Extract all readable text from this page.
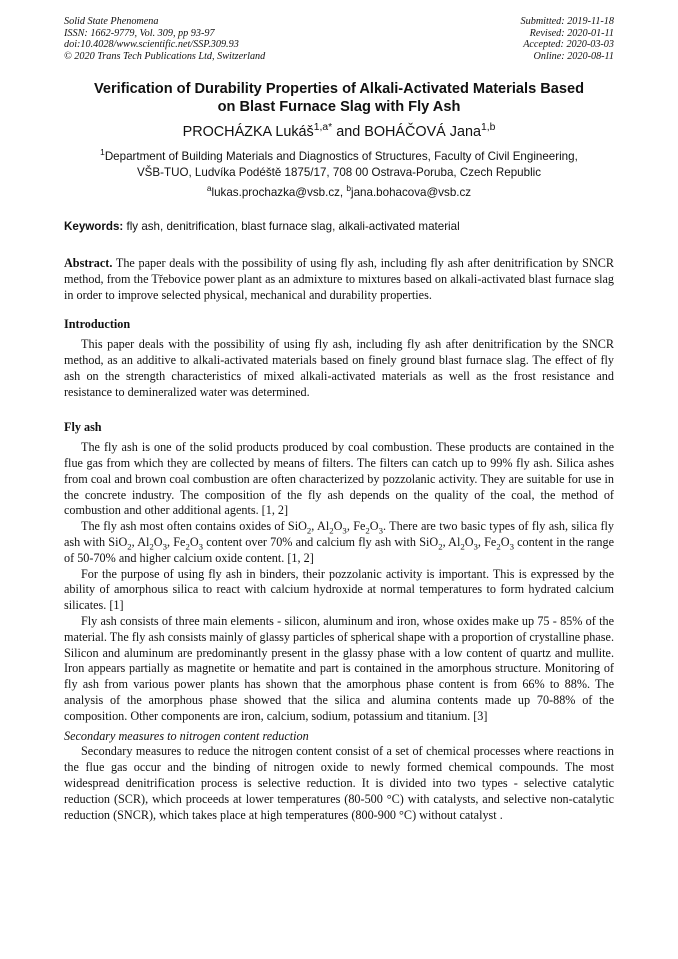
Solid State Phenomena
ISSN: 1662-9779, Vol. 309, pp 93-97
doi:10.4028/www.scientific.net/SSP.309.93
© 2020 Trans Tech Publications Ltd, Switzerland
Submitted: 2019-11-18
Revised: 2020-01-11
Accepted: 2020-03-03
Online: 2020-08-11
Verification of Durability Properties of Alkali-Activated Materials Based
on Blast Furnace Slag with Fly Ash
PROCHÁZKA Lukáš$^{1,a*}$ and BOHÁČOVÁ Jana$^{1,b}$
$^1$Department of Building Materials and Diagnostics of Structures, Faculty of Civil Engineering,
VŠB-TUO, Ludvíka Podéště 1875/17, 708 00 Ostrava-Poruba, Czech Republic
$^a$lukas.prochazka@vsb.cz, $^b$jana.bohacova@vsb.cz
Keywords: fly ash, denitrification, blast furnace slag, alkali-activated material

Abstract. The paper deals with the possibility of using fly ash, including fly ash after denitrification by SNCR method, from the Třebovice power plant as an admixture to mixtures based on alkali-activated blast furnace slag in order to improve selected physical, mechanical and durability properties.

Introduction

This paper deals with the possibility of using fly ash, including fly ash after denitrification by the SNCR method, as an additive to alkali-activated materials based on finely ground blast furnace slag. The effect of fly ash on the strength characteristics of mixed alkali-activated materials as well as the frost resistance and resistance to demineralized water was determined.

Fly ash

The fly ash is one of the solid products produced by coal combustion. These products are contained in the flue gas from which they are collected by means of filters. The filters can catch up to 99% fly ash. Silica ashes from coal and brown coal combustion are often characterized by pozzolanic activity. They are suitable for use in the concrete industry. The composition of the fly ash depends on the quality of the coal, the method of combustion and other additional agents. [1, 2]

The fly ash most often contains oxides of SiO$_2$, $Al_2O_3$, $Fe_2O_3$. There are two basic types of fly ash, silica fly ash with SiO$_2$, $Al_2O_3$, $Fe_2O_3$ content over 70% and calcium fly ash with SiO$_2$, $Al_2O_3$, $Fe_2O_3$ content in the range of 50-70% and higher calcium oxide content. [1, 2]

For the purpose of using fly ash in binders, their pozzolanic activity is important. This is expressed by the ability of amorphous silica to react with calcium hydroxide at normal temperatures to form hydrated calcium silicates. [1]

Fly ash consists of three main elements - silicon, aluminum and iron, whose oxides make up 75 - 85% of the material. The fly ash consists mainly of glassy particles of spherical shape with a proportion of crystalline phase. Silicon and aluminum are predominantly present in the glassy phase with a low content of quartz and mullite. Iron appears partially as magnetite or hematite and part is contained in the amorphous structure. Monitoring of fly ash from various power plants has shown that the amorphous phase content is from 66% to 88%. The analysis of the amorphous phase showed that the silica and alumina contents made up 70-88% of the composition. Other components are iron, calcium, sodium, potassium and titanium. [3]

Secondary measures to nitrogen content reduction

Secondary measures to reduce the nitrogen content consist of a set of chemical processes where reactions in the flue gas occur and the binding of nitrogen oxide to newly formed chemical compounds. The most widespread denitrification process is selective reduction. It is divided into two types - selective catalytic reduction (SCR), which proceeds at lower temperatures (80-500 °C) with catalysts, and selective non-catalytic reduction (SNCR), which takes place at high temperatures (800-900 °C) without catalyst .
